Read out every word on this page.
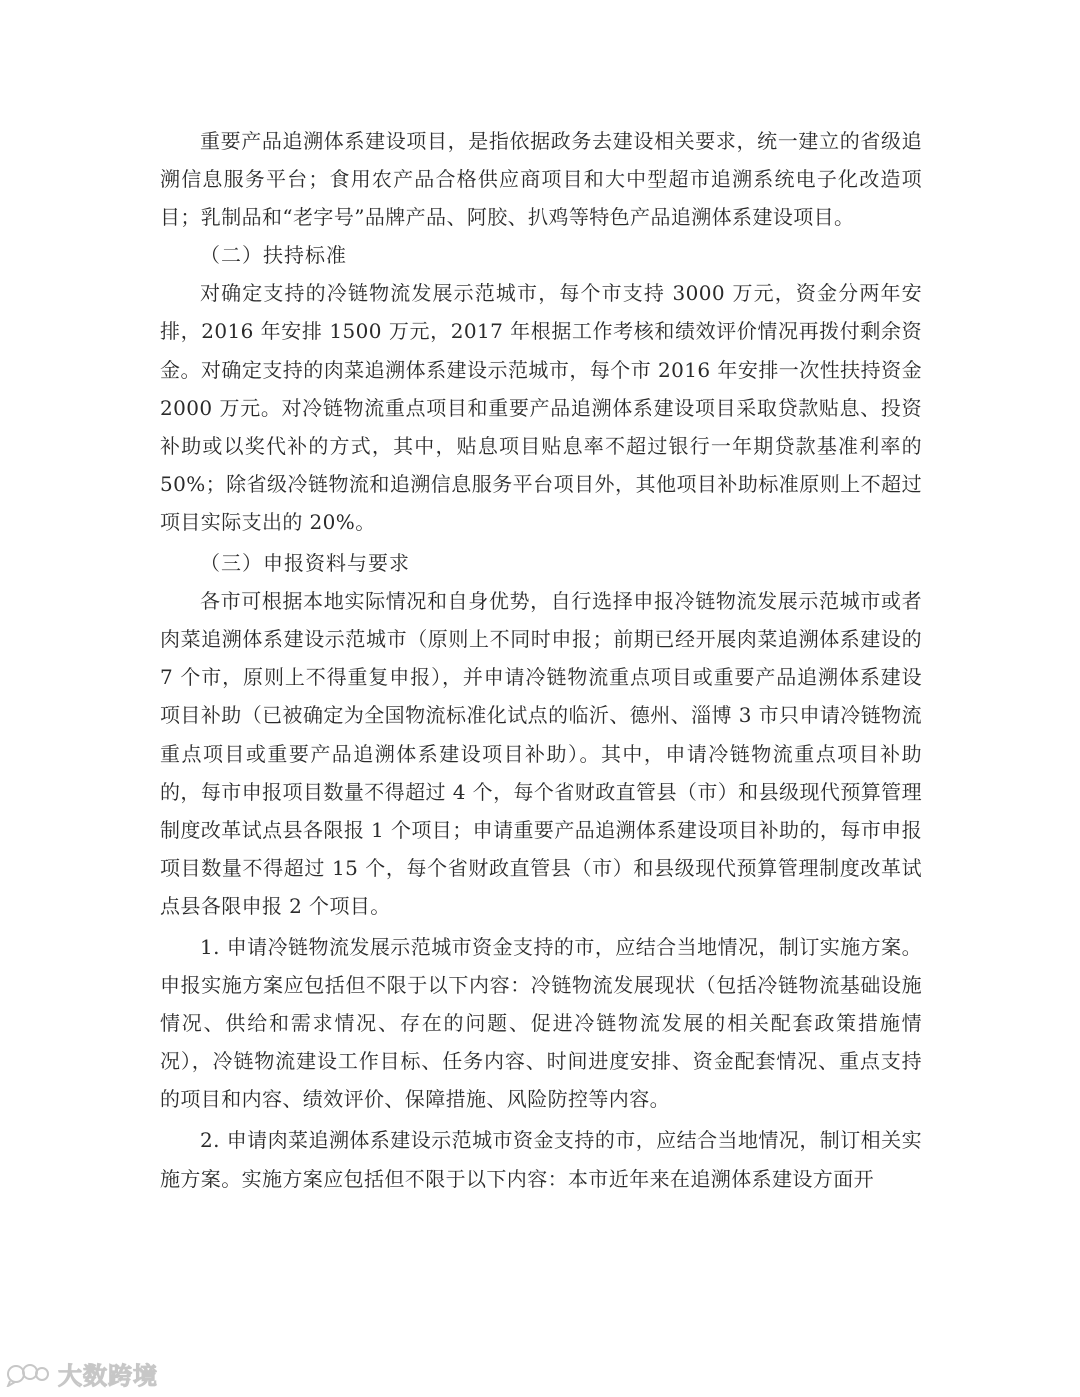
重要产品追溯体系建设项目，是指依据政务去建设相关要求，统一建立的省级追溯信息服务平台；食用农产品合格供应商项目和大中型超市追溯系统电子化改造项目；乳制品和“老字号”品牌产品、阿胶、扒鸡等特色产品追溯体系建设项目。

（二）扶持标准

对确定支持的冷链物流发展示范城市，每个市支持 3000 万元，资金分两年安排，2016 年安排 1500 万元，2017 年根据工作考核和绩效评价情况再拨付剩余资金。对确定支持的肉菜追溯体系建设示范城市，每个市 2016 年安排一次性扶持资金 2000 万元。对冷链物流重点项目和重要产品追溯体系建设项目采取贷款贴息、投资补助或以奖代补的方式，其中，贴息项目贴息率不超过银行一年期贷款基准利率的 50%；除省级冷链物流和追溯信息服务平台项目外，其他项目补助标准原则上不超过项目实际支出的 20%。

（三）申报资料与要求

各市可根据本地实际情况和自身优势，自行选择申报冷链物流发展示范城市或者肉菜追溯体系建设示范城市（原则上不同时申报；前期已经开展肉菜追溯体系建设的 7 个市，原则上不得重复申报），并申请冷链物流重点项目或重要产品追溯体系建设项目补助（已被确定为全国物流标准化试点的临沂、德州、淄博 3 市只申请冷链物流重点项目或重要产品追溯体系建设项目补助）。其中，申请冷链物流重点项目补助的，每市申报项目数量不得超过 4 个，每个省财政直管县（市）和县级现代预算管理制度改革试点县各限报 1 个项目；申请重要产品追溯体系建设项目补助的，每市申报项目数量不得超过 15 个，每个省财政直管县（市）和县级现代预算管理制度改革试点县各限申报 2 个项目。

1. 申请冷链物流发展示范城市资金支持的市，应结合当地情况，制订实施方案。申报实施方案应包括但不限于以下内容：冷链物流发展现状（包括冷链物流基础设施情况、供给和需求情况、存在的问题、促进冷链物流发展的相关配套政策措施情况），冷链物流建设工作目标、任务内容、时间进度安排、资金配套情况、重点支持的项目和内容、绩效评价、保障措施、风险防控等内容。

2. 申请肉菜追溯体系建设示范城市资金支持的市，应结合当地情况，制订相关实施方案。实施方案应包括但不限于以下内容：本市近年来在追溯体系建设方面开

大数跨境
